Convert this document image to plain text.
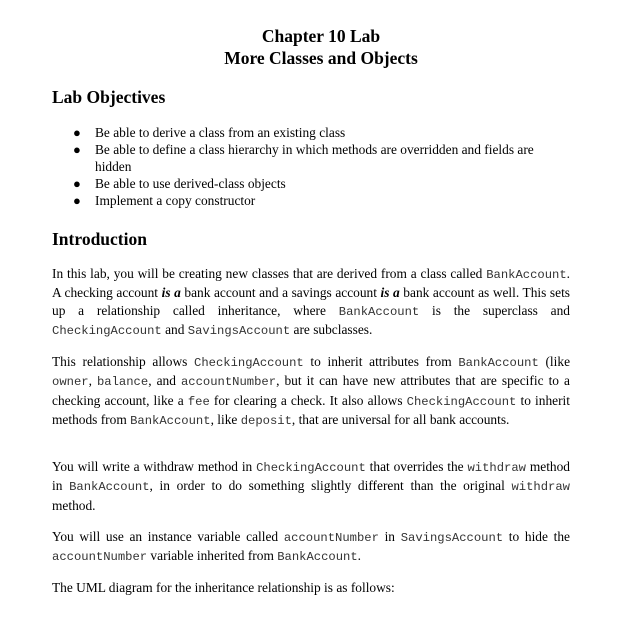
Chapter 10 Lab
More Classes and Objects
Lab Objectives
● Be able to derive a class from an existing class
● Be able to define a class hierarchy in which methods are overridden and fields are hidden
● Be able to use derived-class objects
● Implement a copy constructor
Introduction

In this lab, you will be creating new classes that are derived from a class called BankAccount. A checking account is a bank account and a savings account is a bank account as well. This sets up a relationship called inheritance, where BankAccount is the superclass and CheckingAccount and SavingsAccount are subclasses.

This relationship allows CheckingAccount to inherit attributes from BankAccount (like owner, balance, and accountNumber, but it can have new attributes that are specific to a checking account, like a fee for clearing a check. It also allows CheckingAccount to inherit methods from BankAccount, like deposit, that are universal for all bank accounts.

You will write a withdraw method in CheckingAccount that overrides the withdraw method in BankAccount, in order to do something slightly different than the original withdraw method.

You will use an instance variable called accountNumber in SavingsAccount to hide the accountNumber variable inherited from BankAccount.

The UML diagram for the inheritance relationship is as follows:
